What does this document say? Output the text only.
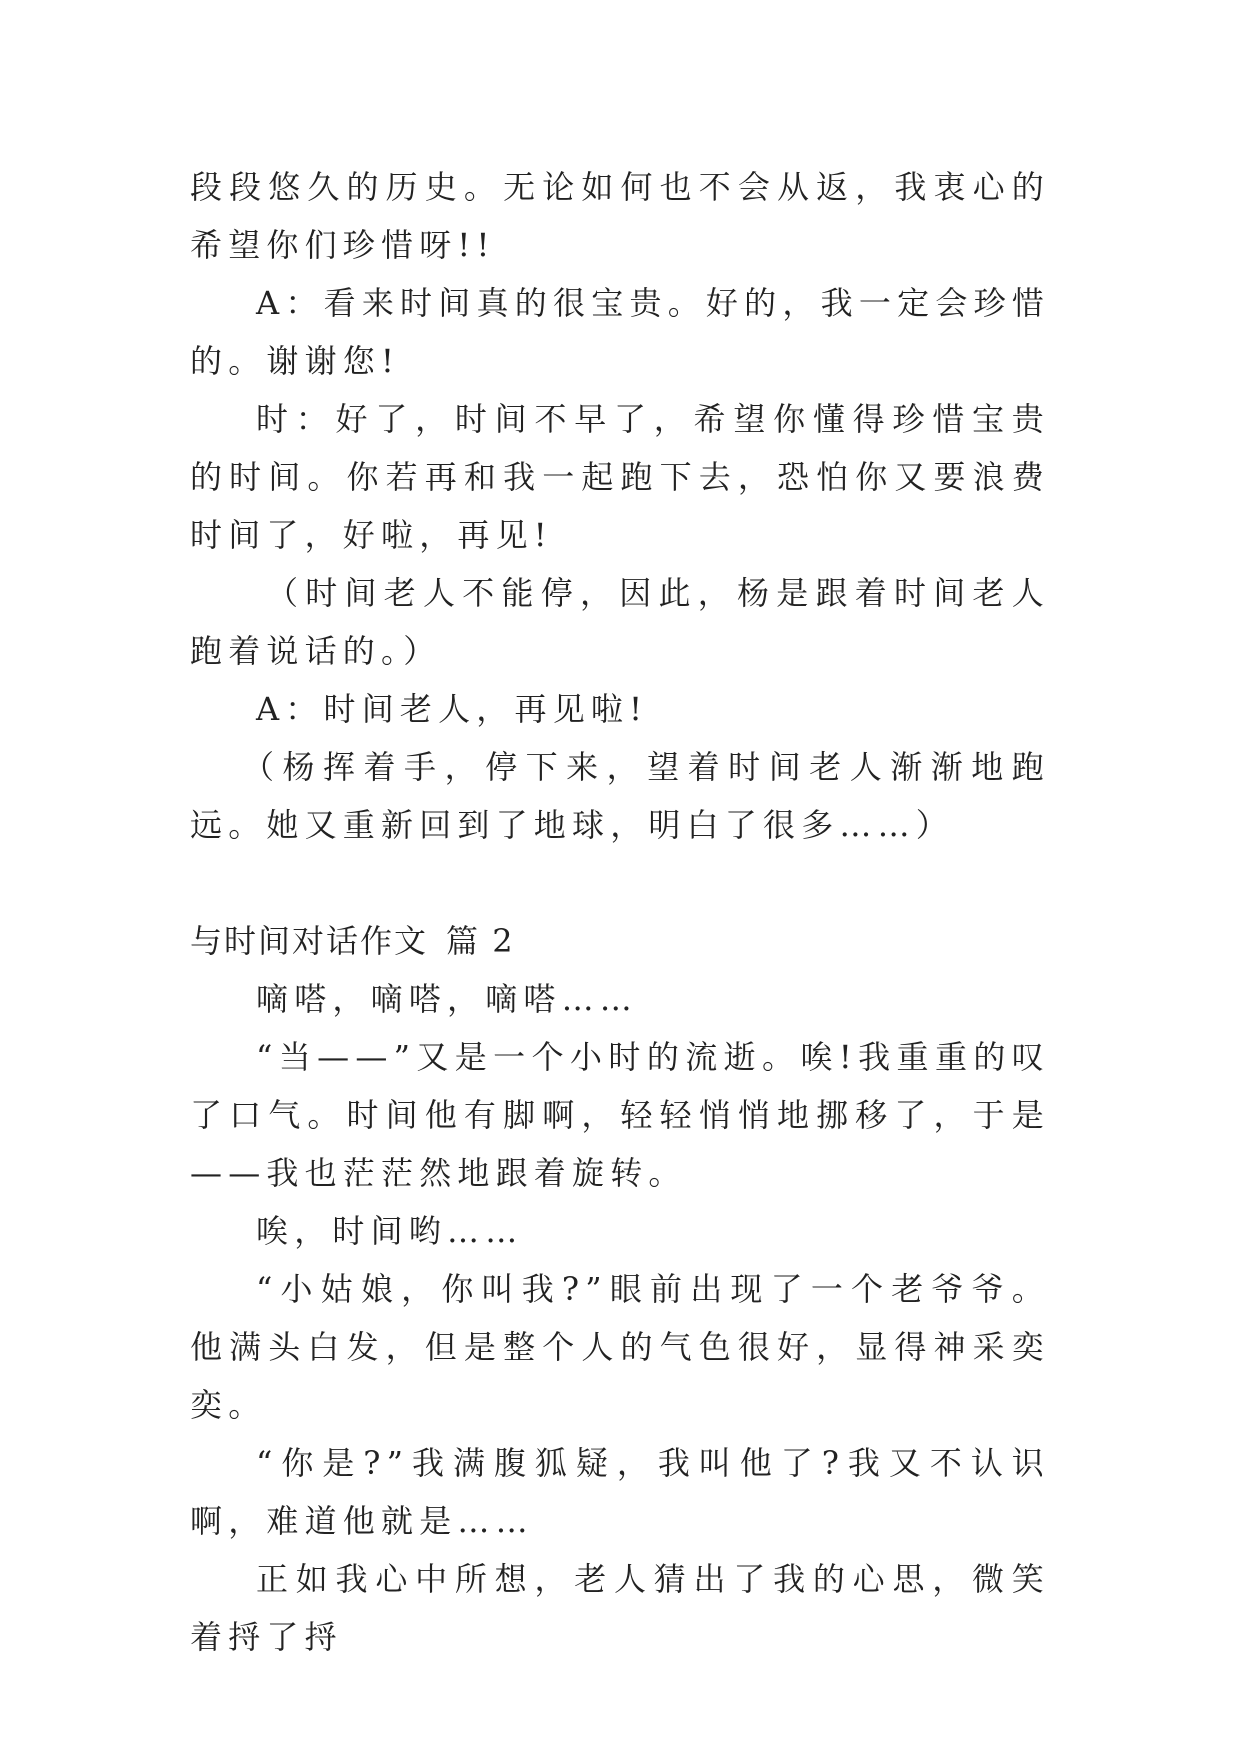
段段悠久的历史。无论如何也不会从返，我衷心的希望你们珍惜呀!!

A：看来时间真的很宝贵。好的，我一定会珍惜的。谢谢您!

时：好了，时间不早了，希望你懂得珍惜宝贵的时间。你若再和我一起跑下去，恐怕你又要浪费时间了，好啦，再见!

（时间老人不能停，因此，杨是跟着时间老人跑着说话的。）

A：时间老人，再见啦!

（杨挥着手，停下来，望着时间老人渐渐地跑远。她又重新回到了地球，明白了很多……）

与时间对话作文 篇 2

嘀嗒，嘀嗒，嘀嗒……

“当——”又是一个小时的流逝。唉!我重重的叹了口气。时间他有脚啊，轻轻悄悄地挪移了，于是——我也茫茫然地跟着旋转。

唉，时间哟……

“小姑娘，你叫我?”眼前出现了一个老爷爷。他满头白发，但是整个人的气色很好，显得神采奕奕。

“你是?”我满腹狐疑，我叫他了?我又不认识啊，难道他就是……

正如我心中所想，老人猜出了我的心思，微笑着捋了捋
